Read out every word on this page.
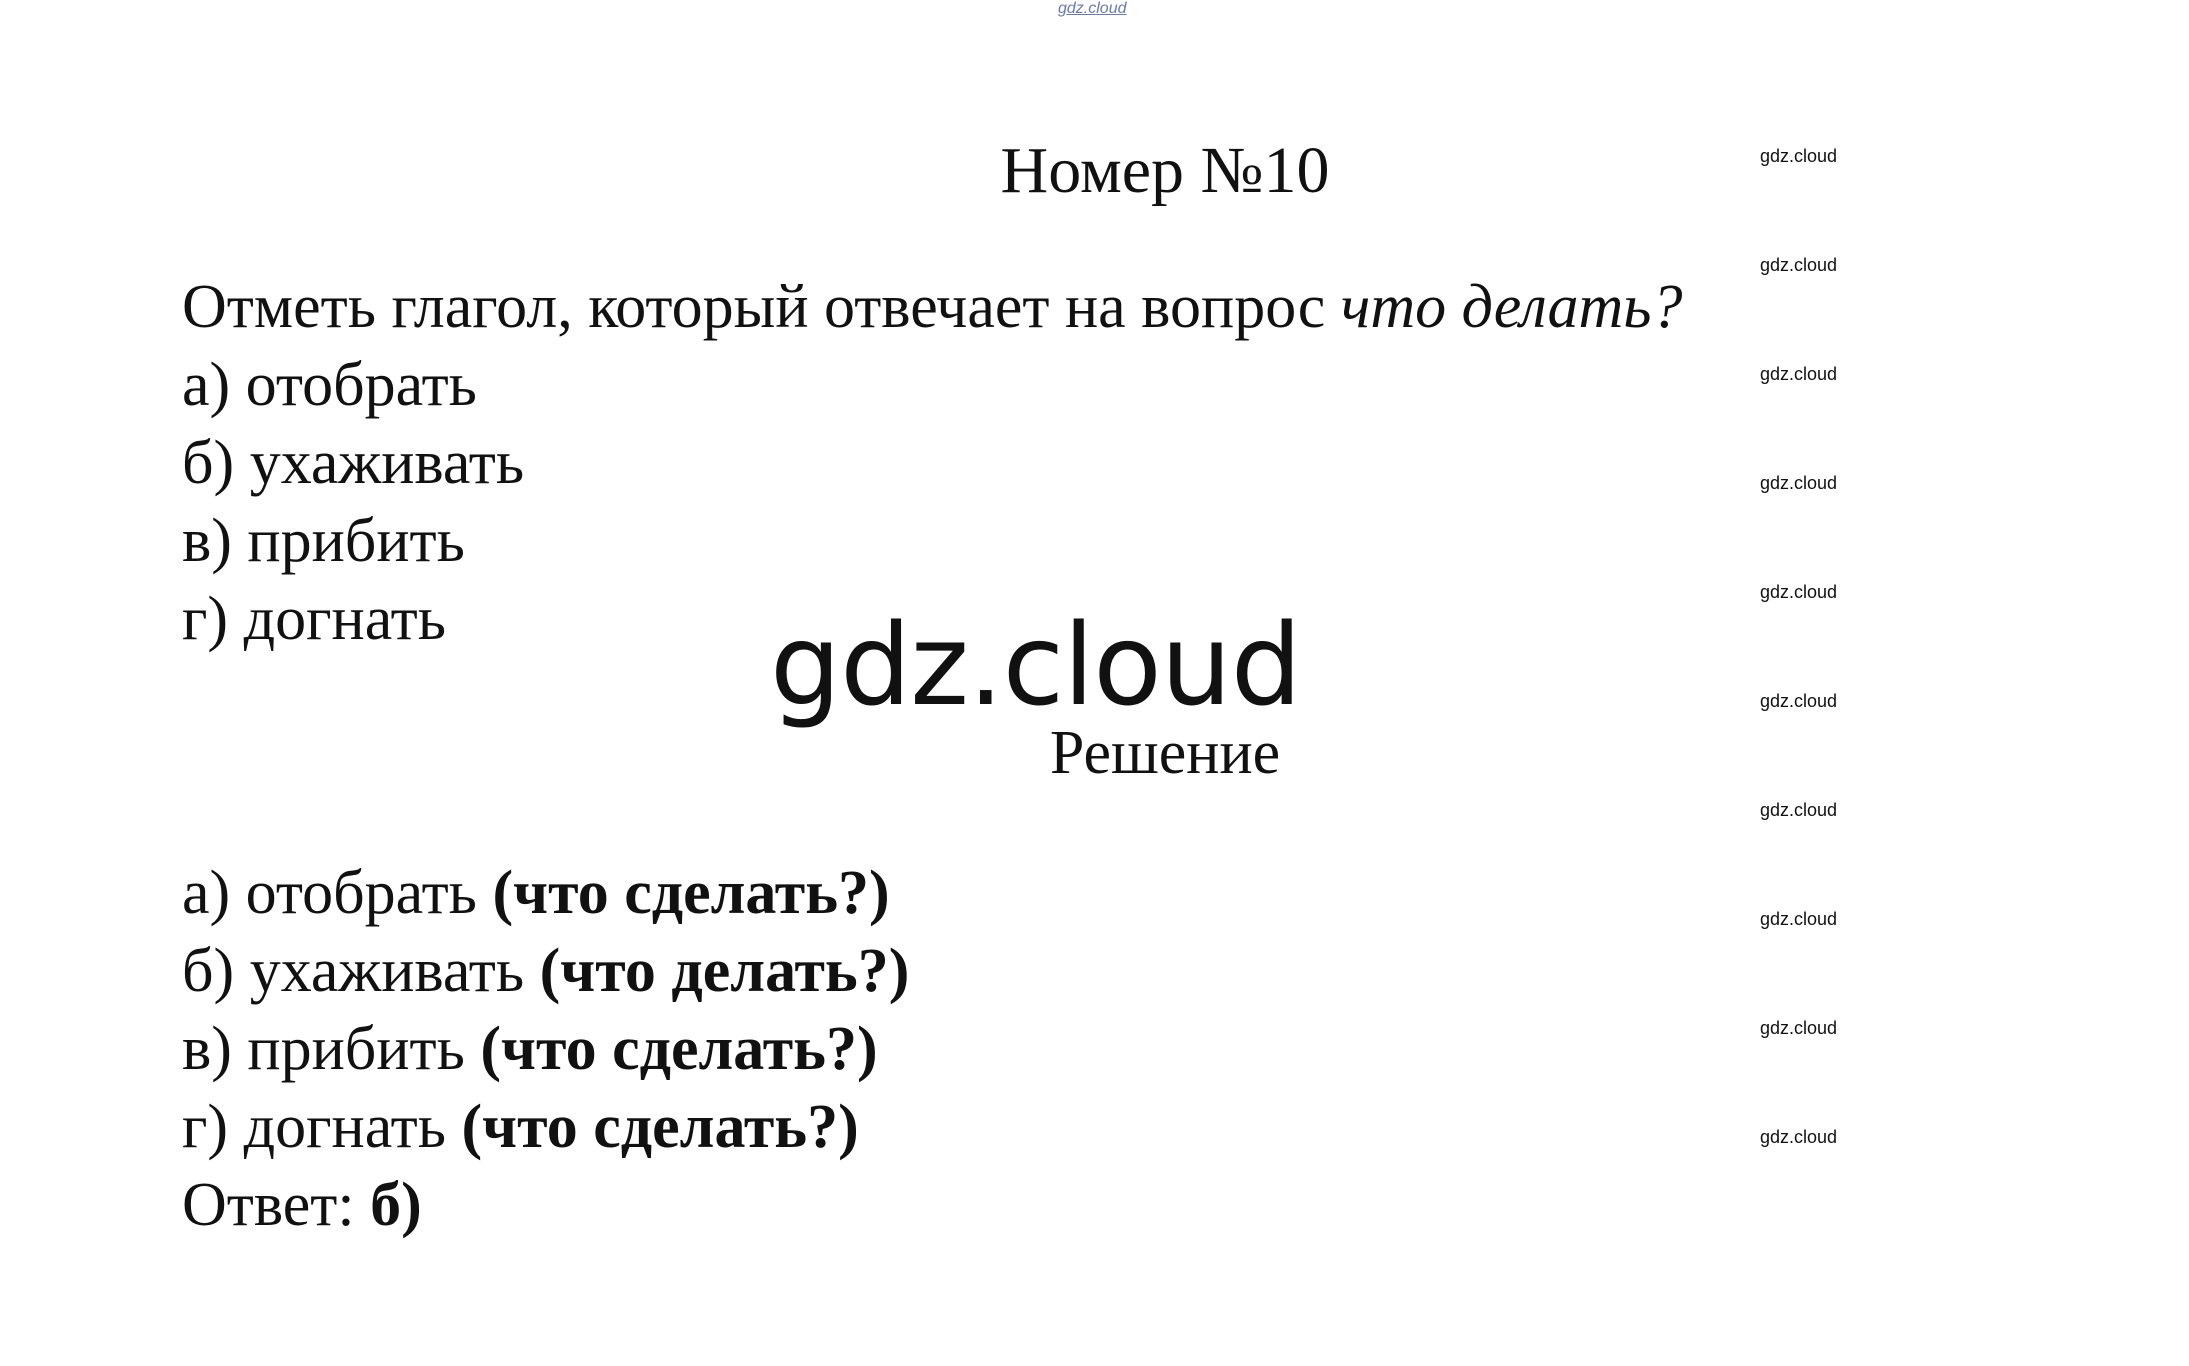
gdz.cloud
gdz.cloud
gdz.cloud
gdz.cloud
gdz.cloud
gdz.cloud
gdz.cloud
gdz.cloud
gdz.cloud
gdz.cloud
gdz.cloud
Номер №10
Отметь глагол, который отвечает на вопрос что делать?
а) отобрать
б) ухаживать
в) прибить
г) догнать	gdz.cloud
Решение
а) отобрать (что сделать?)
б) ухаживать (что делать?)
в) прибить (что сделать?)
г) догнать (что сделать?)
Ответ: б)
